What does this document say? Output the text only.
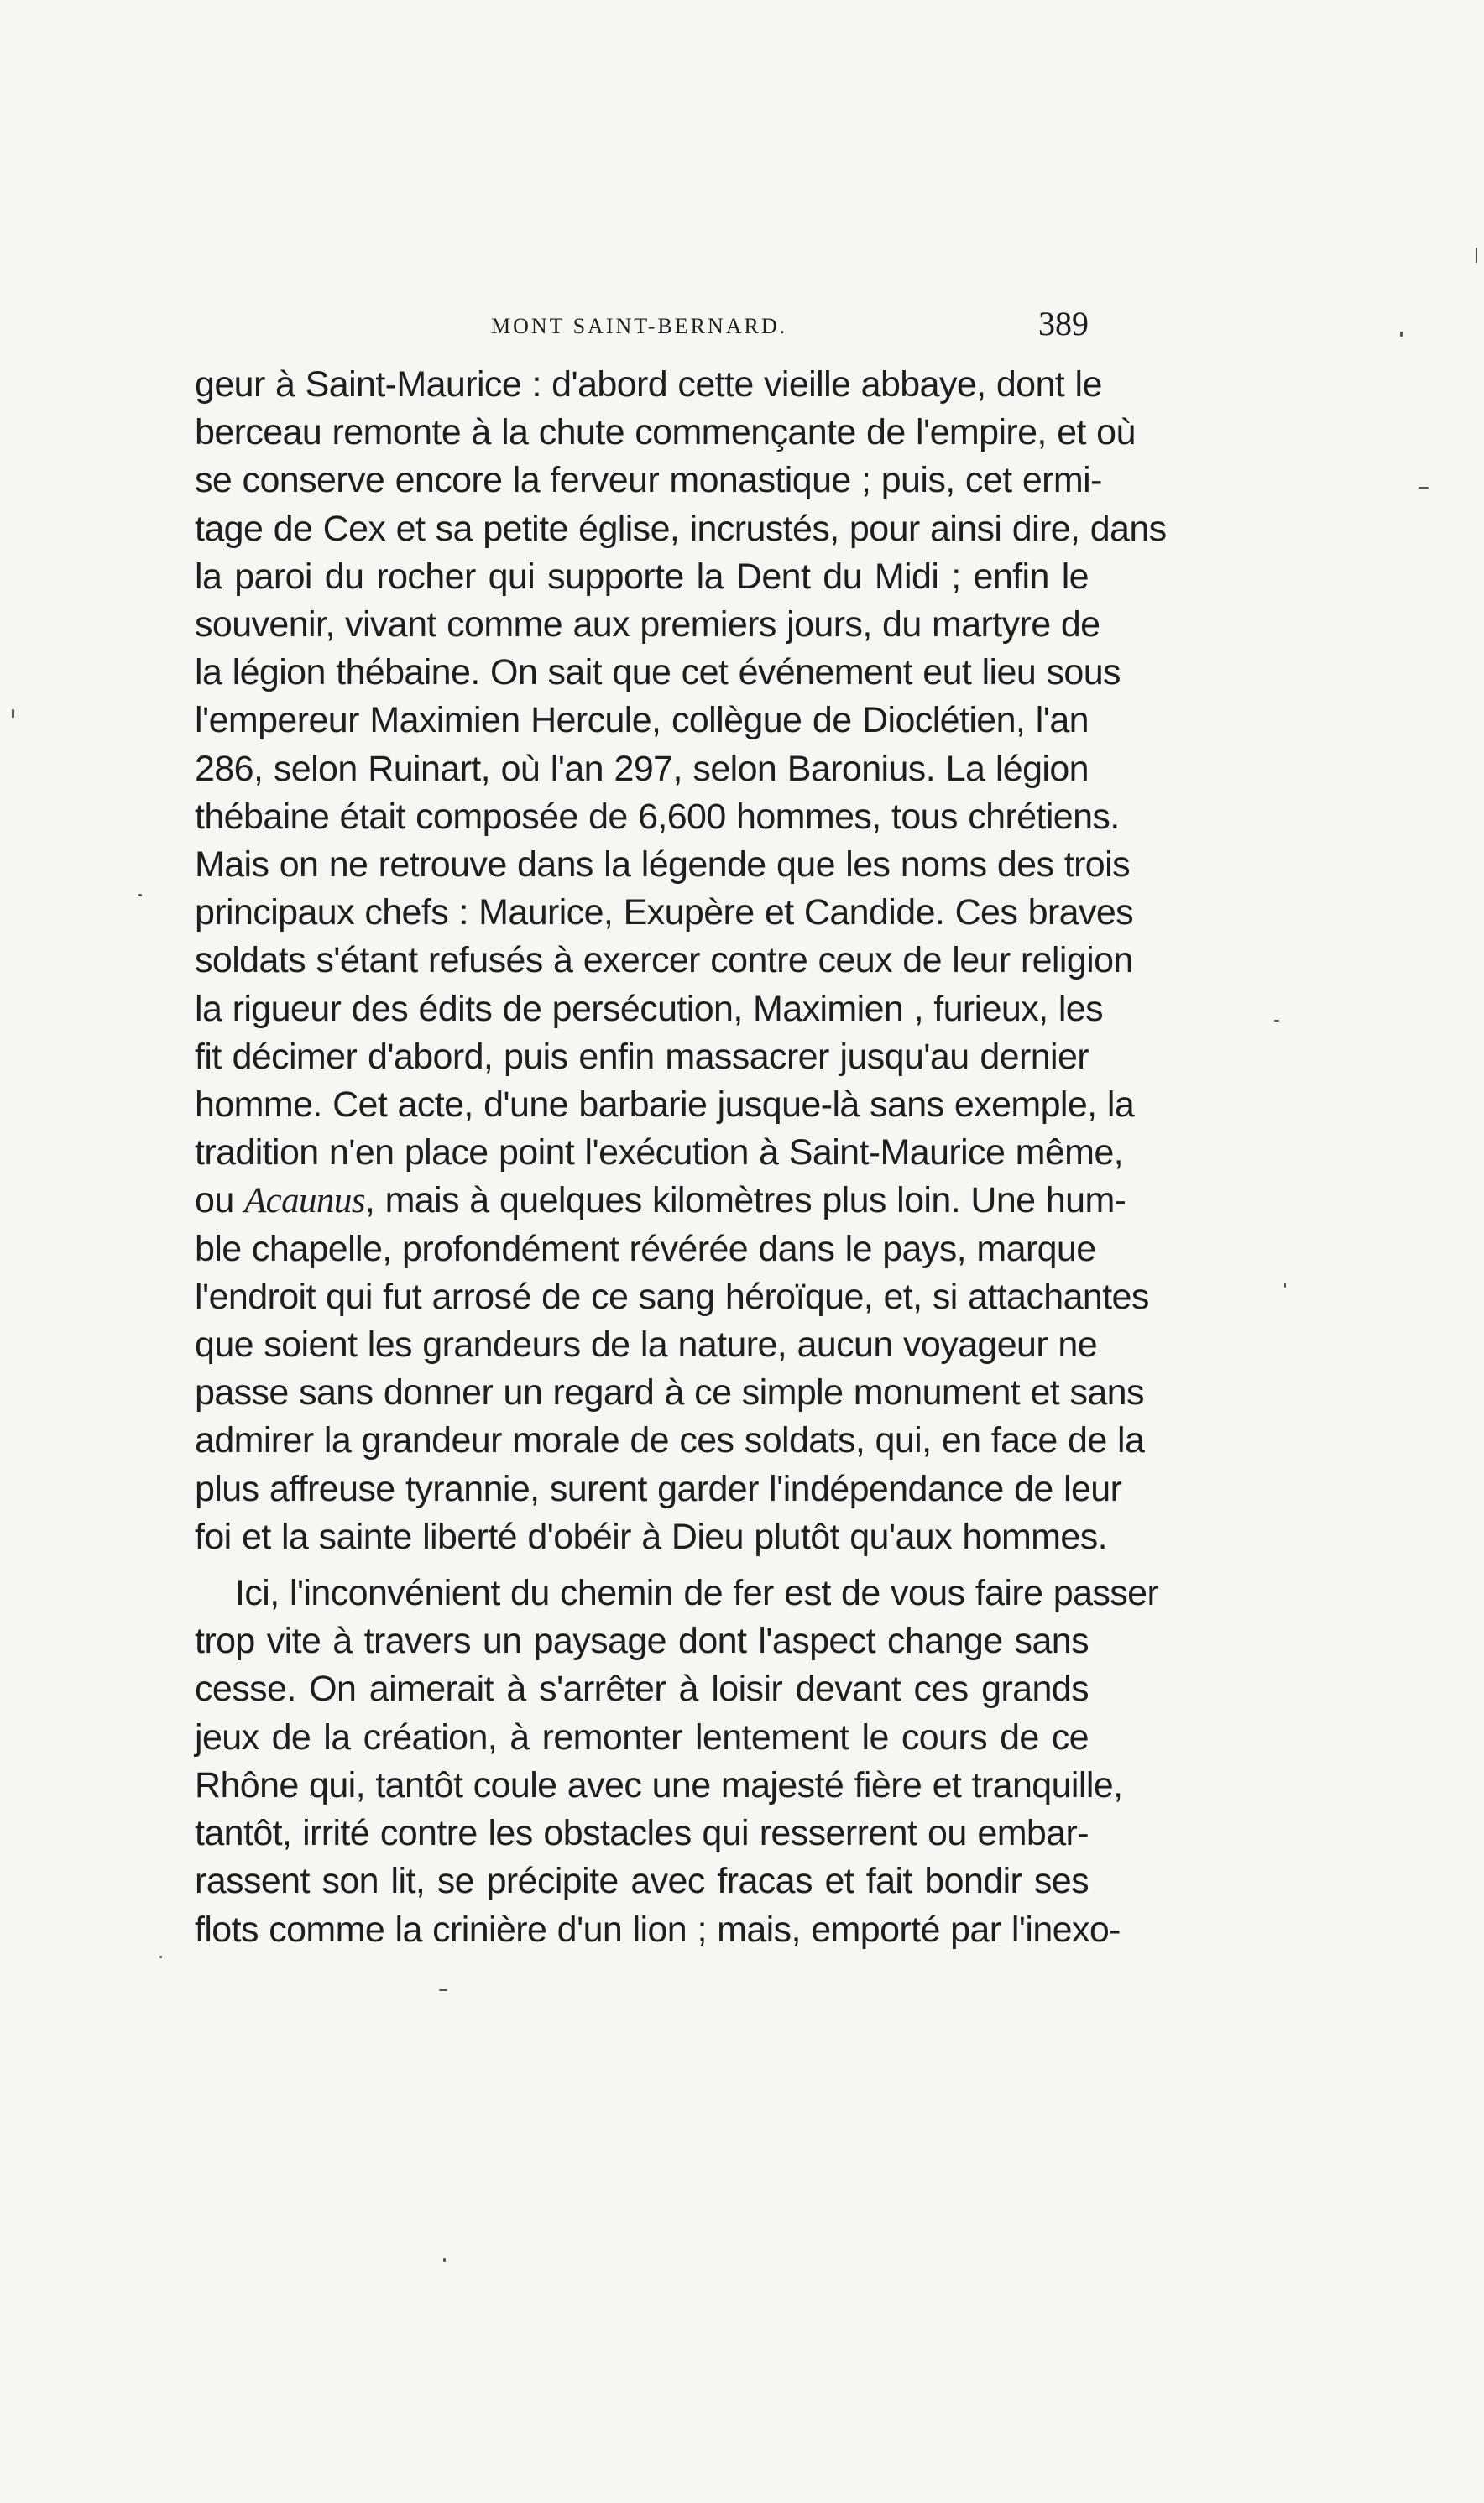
MONT SAINT-BERNARD.	389
geur à Saint-Maurice : d'abord cette vieille abbaye, dont le
berceau remonte à la chute commençante de l'empire, et où
se conserve encore la ferveur monastique ; puis, cet ermi-
tage de Cex et sa petite église, incrustés, pour ainsi dire, dans
la paroi du rocher qui supporte la Dent du Midi ; enfin le
souvenir, vivant comme aux premiers jours, du martyre de
la légion thébaine. On sait que cet événement eut lieu sous
l'empereur Maximien Hercule, collègue de Dioclétien, l'an
286, selon Ruinart, où l'an 297, selon Baronius. La légion
thébaine était composée de 6,600 hommes, tous chrétiens.
Mais on ne retrouve dans la légende que les noms des trois
principaux chefs : Maurice, Exupère et Candide. Ces braves
soldats s'étant refusés à exercer contre ceux de leur religion
la rigueur des édits de persécution, Maximien , furieux, les
fit décimer d'abord, puis enfin massacrer jusqu'au dernier
homme. Cet acte, d'une barbarie jusque-là sans exemple, la
tradition n'en place point l'exécution à Saint-Maurice même,
ou Acaunus, mais à quelques kilomètres plus loin. Une hum-
ble chapelle, profondément révérée dans le pays, marque
l'endroit qui fut arrosé de ce sang héroïque, et, si attachantes
que soient les grandeurs de la nature, aucun voyageur ne
passe sans donner un regard à ce simple monument et sans
admirer la grandeur morale de ces soldats, qui, en face de la
plus affreuse tyrannie, surent garder l'indépendance de leur
foi et la sainte liberté d'obéir à Dieu plutôt qu'aux hommes.
Ici, l'inconvénient du chemin de fer est de vous faire passer
trop vite à travers un paysage dont l'aspect change sans
cesse. On aimerait à s'arrêter à loisir devant ces grands
jeux de la création, à remonter lentement le cours de ce
Rhône qui, tantôt coule avec une majesté fière et tranquille,
tantôt, irrité contre les obstacles qui resserrent ou embar-
rassent son lit, se précipite avec fracas et fait bondir ses
flots comme la crinière d'un lion ; mais, emporté par l'inexo-
